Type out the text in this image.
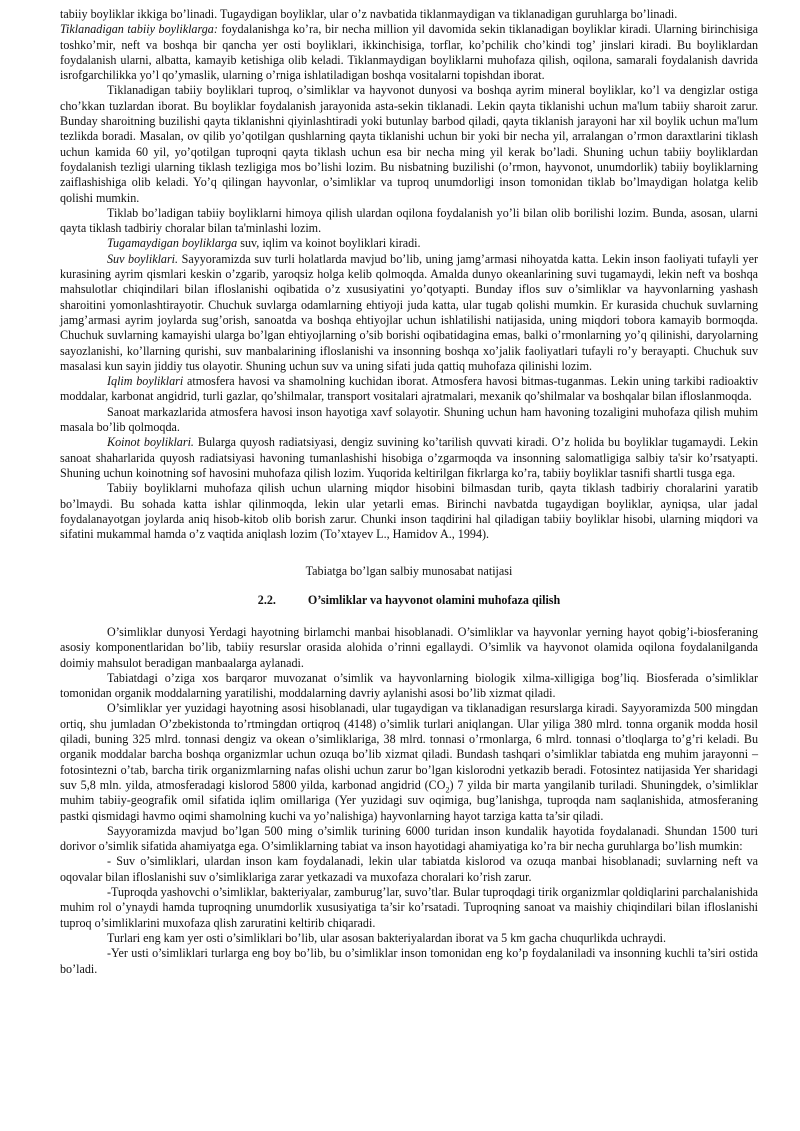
tabiiy boyliklar ikkiga bo’linadi. Tugaydigan boyliklar, ular o’z navbatida tiklanmaydigan va tiklanadigan guruhlarga bo’linadi.

Tiklanadigan tabiiy boyliklarga: foydalanishga ko’ra, bir necha million yil davomida sekin tiklanadigan boyliklar kiradi. Ularning birinchisiga toshko’mir, neft va boshqa bir qancha yer osti boyliklari, ikkinchisiga, torflar, ko’pchilik cho’kindi tog’ jinslari kiradi. Bu boyliklardan foydalanish ularni, albatta, kamayib ketishiga olib keladi. Tiklanmaydigan boyliklarni muhofaza qilish, oqilona, samarali foydalanish davrida isrofgarchilikka yo’l qo’ymaslik, ularning o’rniga ishlatiladigan boshqa vositalarni topishdan iborat.

Tiklanadigan tabiiy boyliklari tuproq, o’simliklar va hayvonot dunyosi va boshqa ayrim mineral boyliklar, ko’l va dengizlar ostiga cho’kkan tuzlardan iborat. Bu boyliklar foydalanish jarayonida asta-sekin tiklanadi. Lekin qayta tiklanishi uchun ma'lum tabiiy sharoit zarur. Bunday sharoitning buzilishi qayta tiklanishni qiyinlashtiradi yoki butunlay barbod qiladi, qayta tiklanish jarayoni har xil boylik uchun ma'lum tezlikda boradi. Masalan, ov qilib yo’qotilgan qushlarning qayta tiklanishi uchun bir yoki bir necha yil, arralangan o’rmon daraxtlarini tiklash uchun kamida 60 yil, yo’qotilgan tuproqni qayta tiklash uchun esa bir necha ming yil kerak bo’ladi. Shuning uchun tabiiy boyliklardan foydalanish tezligi ularning tiklash tezligiga mos bo’lishi lozim. Bu nisbatning buzilishi (o’rmon, hayvonot, unumdorlik) tabiiy boyliklarning zaiflashishiga olib keladi. Yo’q qilingan hayvonlar, o’simliklar va tuproq unumdorligi inson tomonidan tiklab bo’lmaydigan holatga kelib qolishi mumkin.

Tiklab bo’ladigan tabiiy boyliklarni himoya qilish ulardan oqilona foydalanish yo’li bilan olib borilishi lozim. Bunda, asosan, ularni qayta tiklash tadbiriy choralar bilan ta'minlashi lozim.

Tugamaydigan boyliklarga suv, iqlim va koinot boyliklari kiradi.

Suv boyliklari. Sayyoramizda suv turli holatlarda mavjud bo’lib, uning jamg’armasi nihoyatda katta. Lekin inson faoliyati tufayli yer kurasining ayrim qismlari keskin o’zgarib, yaroqsiz holga kelib qolmoqda. Amalda dunyo okeanlarining suvi tugamaydi, lekin neft va boshqa mahsulotlar chiqindilari bilan ifloslanishi oqibatida o’z xususiyatini yo’qotyapti. Bunday iflos suv o’simliklar va hayvonlarning yashash sharoitini yomonlashtirayotir. Chuchuk suvlarga odamlarning ehtiyoji juda katta, ular tugab qolishi mumkin. Er kurasida chuchuk suvlarning jamg’armasi ayrim joylarda sug’orish, sanoatda va boshqa ehtiyojlar uchun ishlatilishi natijasida, uning miqdori tobora kamayib bormoqda. Chuchuk suvlarning kamayishi ularga bo’lgan ehtiyojlarning o’sib borishi oqibatidagina emas, balki o’rmonlarning yo’q qilinishi, daryolarning sayozlanishi, ko’llarning qurishi, suv manbalarining ifloslanishi va insonning boshqa xo’jalik faoliyatlari tufayli ro’y berayapti. Chuchuk suv masalasi kun sayin jiddiy tus olayotir. Shuning uchun suv va uning sifati juda qattiq muhofaza qilinishi lozim.

Iqlim boyliklari atmosfera havosi va shamolning kuchidan iborat. Atmosfera havosi bitmas-tuganmas. Lekin uning tarkibi radioaktiv moddalar, karbonat angidrid, turli gazlar, qo’shilmalar, transport vositalari ajratmalari, mexanik qo’shilmalar va boshqalar bilan ifloslanmoqda.

Sanoat markazlarida atmosfera havosi inson hayotiga xavf solayotir. Shuning uchun ham havoning tozaligini muhofaza qilish muhim masala bo’lib qolmoqda.

Koinot boyliklari. Bularga quyosh radiatsiyasi, dengiz suvining ko’tarilish quvvati kiradi. O’z holida bu boyliklar tugamaydi. Lekin sanoat shaharlarida quyosh radiatsiyasi havoning tumanlashishi hisobiga o’zgarmoqda va insonning salomatligiga salbiy ta'sir ko’rsatyapti. Shuning uchun koinotning sof havosini muhofaza qilish lozim. Yuqorida keltirilgan fikrlarga ko’ra, tabiiy boyliklar tasnifi shartli tusga ega.

Tabiiy boyliklarni muhofaza qilish uchun ularning miqdor hisobini bilmasdan turib, qayta tiklash tadbiriy choralarini yaratib bo’lmaydi. Bu sohada katta ishlar qilinmoqda, lekin ular yetarli emas. Birinchi navbatda tugaydigan boyliklar, ayniqsa, ular jadal foydalanayotgan joylarda aniq hisob-kitob olib borish zarur. Chunki inson taqdirini hal qiladigan tabiiy boyliklar hisobi, ularning miqdori va sifatini mukammal hamda o’z vaqtida aniqlash lozim (To’xtayev L., Hamidov A., 1994).

Tabiatga bo’lgan salbiy munosabat natijasi

2.2.	O’simliklar va hayvonot olamini muhofaza qilish

O’simliklar dunyosi Yerdagi hayotning birlamchi manbai hisoblanadi. O’simliklar va hayvonlar yerning hayot qobig’i-biosferaning asosiy komponentlaridan bo’lib, tabiiy resurslar orasida alohida o’rinni egallaydi. O’simlik va hayvonot olamida oqilona foydalanilganda doimiy mahsulot beradigan manbaalarga aylanadi.

Tabiatdagi o’ziga xos barqaror muvozanat o’simlik va hayvonlarning biologik xilma-xilligiga bog’liq. Biosferada o’simliklar tomonidan organik moddalarning yaratilishi, moddalarning davriy aylanishi asosi bo’lib xizmat qiladi.

O’simliklar yer yuzidagi hayotning asosi hisoblanadi, ular tugaydigan va tiklanadigan resurslarga kiradi. Sayyoramizda 500 mingdan ortiq, shu jumladan O’zbekistonda to’rtmingdan ortiqroq (4148) o’simlik turlari aniqlangan. Ular yiliga 380 mlrd. tonna organik modda hosil qiladi, buning 325 mlrd. tonnasi dengiz va okean o’simliklariga, 38 mlrd. tonnasi o’rmonlarga, 6 mlrd. tonnasi o’tloqlarga to’g’ri keladi. Bu organik moddalar barcha boshqa organizmlar uchun ozuqa bo’lib xizmat qiladi. Bundash tashqari o’simliklar tabiatda eng muhim jarayonni – fotosintezni o’tab, barcha tirik organizmlarning nafas olishi uchun zarur bo’lgan kislorodni yetkazib beradi. Fotosintez natijasida Yer sharidagi suv 5,8 mln. yilda, atmosferadagi kislorod 5800 yilda, karbonad angidrid $(CO_2)$ 7 yilda bir marta yangilanib turiladi. Shuningdek, o’simliklar muhim tabiiy-geografik omil sifatida iqlim omillariga (Yer yuzidagi suv oqimiga, bug’lanishga, tuproqda nam saqlanishida, atmosferaning pastki qismidagi havmo oqimi shamolning kuchi va yo’nalishiga) hayvonlarning hayot tarziga katta ta’sir qiladi.

Sayyoramizda mavjud bo’lgan 500 ming o’simlik turining 6000 turidan inson kundalik hayotida foydalanadi. Shundan 1500 turi dorivor o’simlik sifatida ahamiyatga ega. O’simliklarning tabiat va inson hayotidagi ahamiyatiga ko’ra bir necha guruhlarga bo’lish mumkin:

- Suv o’simliklari, ulardan inson kam foydalanadi, lekin ular tabiatda kislorod va ozuqa manbai hisoblanadi; suvlarning neft va oqovalar bilan ifloslanishi suv o’simliklariga zarar yetkazadi va muxofaza choralari ko’rish zarur.

-Tuproqda yashovchi o’simliklar, bakteriyalar, zamburug’lar, suvo’tlar. Bular tuproqdagi tirik organizmlar qoldiqlarini parchalanishida muhim rol o’ynaydi hamda tuproqning unumdorlik xususiyatiga ta’sir ko’rsatadi. Tuproqning sanoat va maishiy chiqindilari bilan ifloslanishi tuproq o’simliklarini muxofaza qlish zaruratini keltirib chiqaradi.

Turlari eng kam yer osti o’simliklari bo’lib, ular asosan bakteriyalardan iborat va 5 km gacha chuqurlikda uchraydi.

-Yer usti o’simliklari turlarga eng boy bo’lib, bu o’simliklar inson tomonidan eng ko’p foydalaniladi va insonning kuchli ta’siri ostida bo’ladi.
